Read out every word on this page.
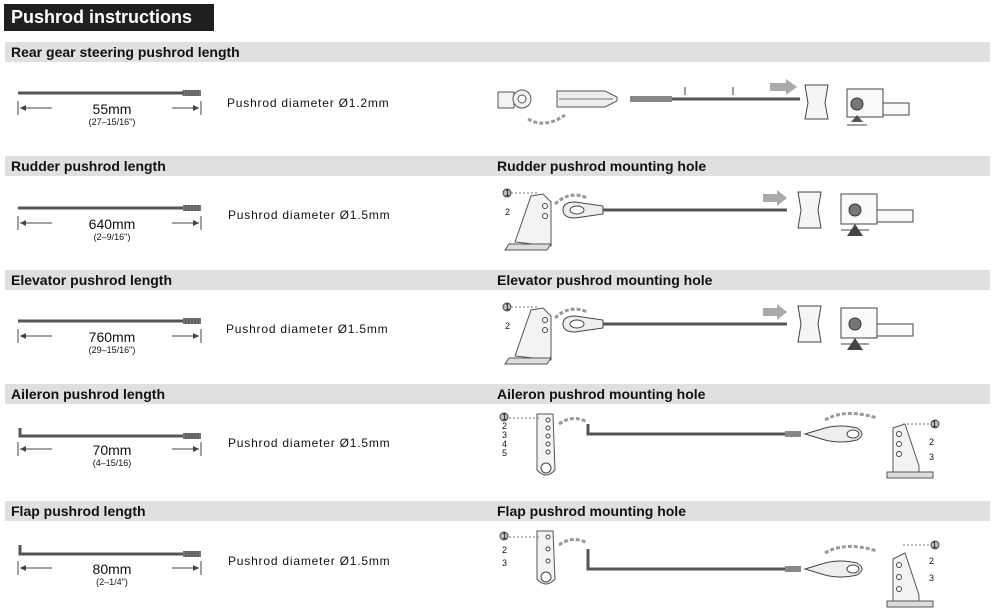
Pushrod instructions
Rear gear steering pushrod length
55mm
(27–15/16")
Pushrod diameter Ø1.2mm
Rudder pushrod length	Rudder pushrod mounting hole
640mm
(2–9/16")
Pushrod diameter Ø1.5mm
1
2
Elevator pushrod length	Elevator pushrod mounting hole
760mm
(29–15/16")
Pushrod diameter Ø1.5mm
1
2
Aileron pushrod length	Aileron pushrod mounting hole
70mm
(4–15/16)
Pushrod diameter Ø1.5mm
1
2
3
4
5
1
2
3
Flap pushrod length	Flap pushrod mounting hole
80mm
(2–1/4")
Pushrod diameter Ø1.5mm
1
2
3
1
2
3
